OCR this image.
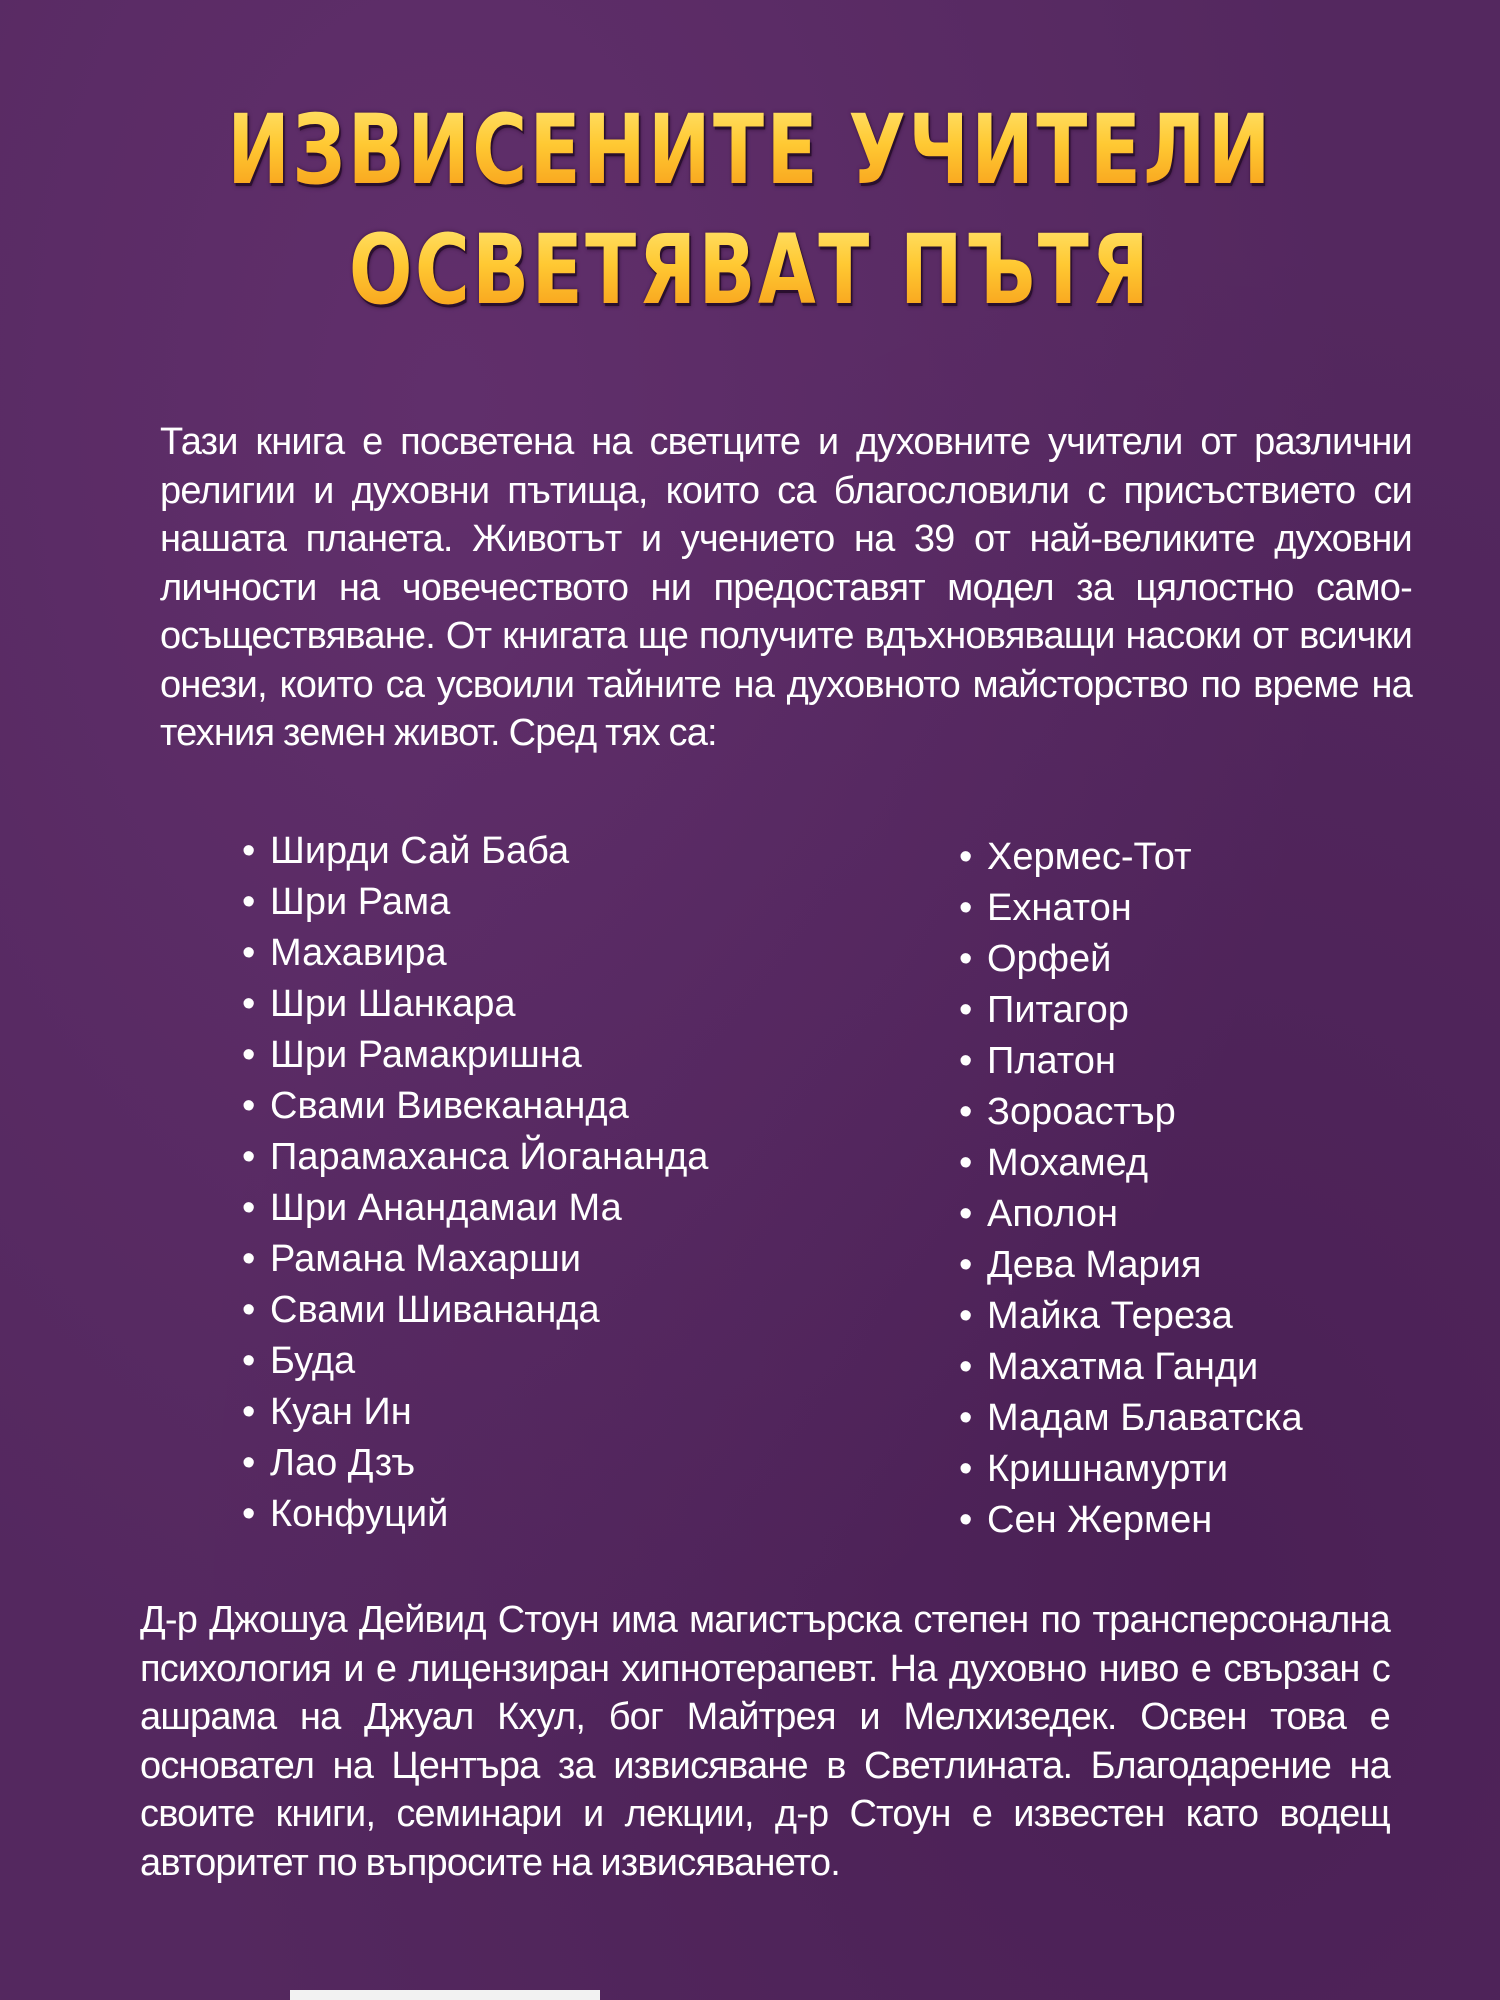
ИЗВИСЕНИТЕ УЧИТЕЛИ
ОСВЕТЯВАТ ПЪТЯ

Тази книга е посветена на светците и духовните учители от различни религии и духовни пътища, които са благословили с присъствието си нашата планета. Животът и учението на 39 от най-великите духовни личности на човечеството ни предоставят модел за цялостно само-осъществяване. От книгата ще получите вдъхновяващи насоки от всички онези, които са усвоили тайните на духовното майсторство по време на техния земен живот. Сред тях са:

• Ширди Сай Баба
• Шри Рама
• Махавира
• Шри Шанкара
• Шри Рамакришна
• Свами Вивекананда
• Парамаханса Йогананда
• Шри Анандамаи Ма
• Рамана Махарши
• Свами Шивананда
• Буда
• Куан Ин
• Лао Дзъ
• Конфуций
• Хермес-Тот
• Ехнатон
• Орфей
• Питагор
• Платон
• Зороастър
• Мохамед
• Аполон
• Дева Мария
• Майка Тереза
• Махатма Ганди
• Мадам Блаватска
• Кришнамурти
• Сен Жермен

Д-р Джошуа Дейвид Стоун има магистърска степен по трансперсонална психология и е лицензиран хипнотерапевт. На духовно ниво е свързан с ашрама на Джуал Кхул, бог Майтрея и Мелхизедек. Освен това е основател на Центъра за извисяване в Светлината. Благодарение на своите книги, семинари и лекции, д-р Стоун е известен като водещ авторитет по въпросите на извисяването.
